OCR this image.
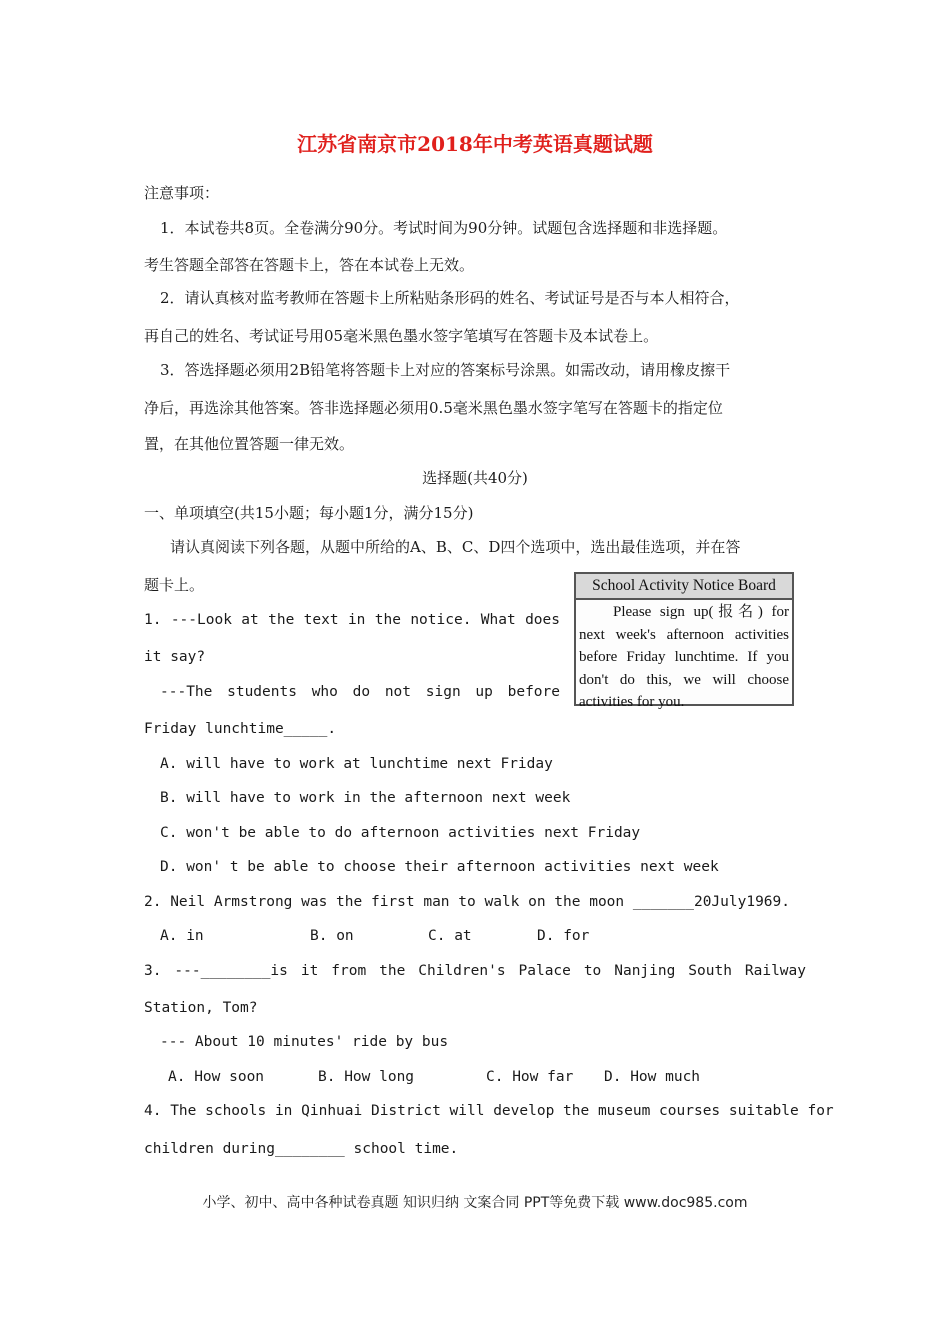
江苏省南京市2018年中考英语真题试题
注意事项：
1．本试卷共8页。全卷满分90分。考试时间为90分钟。试题包含选择题和非选择题。
考生答题全部答在答题卡上，答在本试卷上无效。
2．请认真核对监考教师在答题卡上所粘贴条形码的姓名、考试证号是否与本人相符合，
再自己的姓名、考试证号用05毫米黑色墨水签字笔填写在答题卡及本试卷上。
3．答选择题必须用2B铅笔将答题卡上对应的答案标号涂黑。如需改动，请用橡皮擦干
净后，再选涂其他答案。答非选择题必须用0.5毫米黑色墨水签字笔写在答题卡的指定位
置，在其他位置答题一律无效。
选择题(共40分)
一、单项填空(共15小题；每小题1分，满分15分)
请认真阅读下列各题，从题中所给的A、B、C、D四个选项中，选出最佳选项，并在答
题卡上。	School Activity Notice Board
Please sign up(报名) for next week's afternoon activities before Friday lunchtime. If you don't do this, we will choose activities for you.
1. ---Look at the text in the notice. What does
it say?
---The students who do not sign up before
Friday lunchtime_____.
A. will have to work at lunchtime next Friday
B. will have to work in the afternoon next week
C. won't be able to do afternoon activities next Friday
D. won' t be able to choose their afternoon activities next week
2. Neil Armstrong was the first man to walk on the moon _______20July1969.
A. in	B. on	C. at	D. for
3. ---________is it from the Children's Palace to Nanjing South Railway
Station, Tom?
--- About 10 minutes' ride by bus
A. How soon	B. How long	C. How far D. How much
4. The schools in Qinhuai District will develop the museum courses suitable for
children during________ school time.
小学、初中、高中各种试卷真题 知识归纳 文案合同 PPT等免费下载 www.doc985.com
